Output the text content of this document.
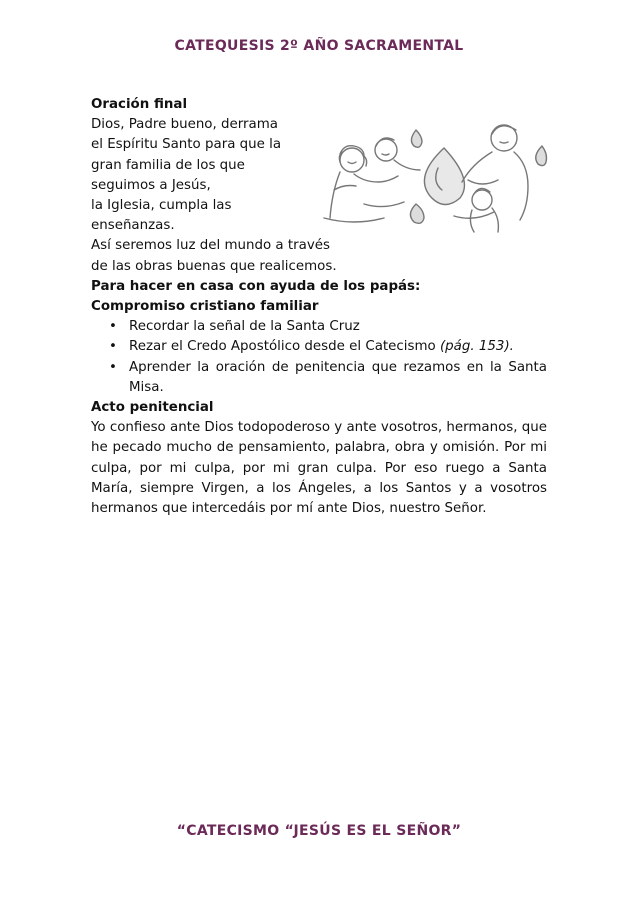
CATEQUESIS 2º AÑO SACRAMENTAL

Oración final

Dios, Padre bueno, derrama

el Espíritu Santo para que la

gran familia de los que

seguimos a Jesús,

la Iglesia, cumpla las

enseñanzas.

Así seremos luz del mundo a través

de las obras buenas que realicemos.

Para hacer en casa con ayuda de los papás:

Compromiso cristiano familiar

• Recordar la señal de la Santa Cruz
• Rezar el Credo Apostólico desde el Catecismo (pág. 153).
• Aprender la oración de penitencia que rezamos en la Santa Misa.

Acto penitencial

Yo confieso ante Dios todopoderoso y ante vosotros, hermanos, que he pecado mucho de pensamiento, palabra, obra y omisión. Por mi culpa, por mi culpa, por mi gran culpa. Por eso ruego a Santa María, siempre Virgen, a los Ángeles, a los Santos y a vosotros hermanos que intercedáis por mí ante Dios, nuestro Señor.

“CATECISMO “JESÚS ES EL SEÑOR”
